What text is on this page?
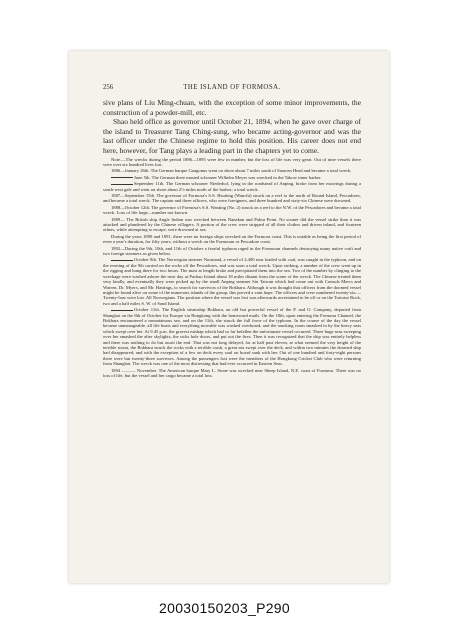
256	THE ISLAND OF FORMOSA.

sive plans of Liu Ming-chuan, with the exception of some minor improvements, the construction of a powder-mill, etc.

Shao held office as governor until October 21, 1894, when he gave over charge of the island to Treasurer Tang Ching-sung, who became acting-governor and was the last officer under the Chinese regime to hold this position. His career does not end here, however, for Tang plays a leading part in the chapters yet to come.

Note.—The wrecks during the period 1886—1895 were few in number, but the loss of life was very great. Out of nine vessels there were over six hundred lives lost.

1886—January 26th. The German barque Guagonus went on shore about 7 miles south of Saracen Head and became a total wreck.

June 5th. The German three masted schooner Wilhelm Meyer was wrecked in the Takow inner harbor.

September 11th. The German schooner Niederhof, lying in the roadstead of Anping, broke from her moorings during a south-west gale and went on shore about 2½ miles north of the harbor; a total wreck.

1887—September 15th. The governor of Formosa's S.S. Hsuiting (Wanchi) struck on a reef to the north of Round Island, Pescadores, and became a total wreck. The captain and three officers, who were foreigners, and three hundred and sixty-six Chinese were drowned.

1888—October 12th. The governor of Formosa's S.S. Wanting (No. 2) struck on a reef to the N.W. of the Pescadores and became a total wreck. Loss of life large—number not known.

1889— The British ship Angle Indian was wrecked between Nanakan and Paksa Point. No sooner did the vessel strike than it was attacked and plundered by the Chinese villagers. A portion of the crew were stripped of all their clothes and driven inland, and fourteen others, while attempting to escape, were drowned at sea.

During the years 1890 and 1891, there were no foreign ships wrecked on the Formosa coast. This is notable as being the first period of even a year's duration, for fifty years, without a wreck on the Formosan or Pescadore coast.

1892—During the 9th, 10th, and 11th of October a fearful typhoon raged in the Formosan channels destroying many native craft and two foreign steamers as given below.

October 9th. The Norwegian steamer Normand, a vessel of 2,400 tons loaded with coal, was caught in the typhoon, and on the evening of the 9th carried on the rocks off the Pescadores, and was soon a total wreck. Upon striking, a number of the crew went up in the rigging and hung there for two hours. The mast at length broke and precipitated them into the sea. Two of the number by clinging to the wreckage were washed ashore the next day at Pachao Island about 18 miles distant from the scene of the wreck. The Chinese treated them very kindly, and eventually they were picked up by the small Anping steamer Sin Taiwan which had come out with Consuls Mercs and Warren, Dr. Myers, and Mr. Hastings, to search for survivors of the Bokhara. Although it was thought that officers from the doomed vessel might be found alive on some of the numerous islands of the group, this proved a vain hope. The officers and crew numbered twenty-six.—Twenty-four were lost. All Norwegians. The position where the vessel was lost was afterwards ascertained to be off or on the Tortoise Rock, two and a half miles S. W. of Sand Island.

October 11th. The English steamship Bokhara, an old but powerful vessel of the P. and O. Company, departed from Shanghai on the 8th of October for Europe via Hongkong with the homeward mails. On the 10th, upon entering the Formosa Channel, the Bokhara encountered a mountainous sea, and on the 11th, she struck the full force of the typhoon. In the course of the day the vessel became unmanageable, all life boats and everything movable was washed overboard, and the smoking room smashed in by the heavy seas which swept over her. At 9.45 p.m. the gravest mishap which had so far befallen the unfortunate vessel occurred. Three huge seas sweeping over her smashed the after skylights, the sicks hole doors, and put out the fires. Then it was recognized that the ship was entirely helpless and there was nothing to do but await the end. That was not long delayed, for at half past eleven, at what seemed the very height of the terrible storm, the Bokhara struck the rocks with a terrible crash, a great sea swept over the deck, and within two minutes the doomed ship had disappeared; and with the exception of a few on deck every soul on board sank with her. Out of one hundred and forty-eight persons there were but twenty-three survivors. Among the passengers lost were the members of the Hongkong Cricket Club who were returning from Shanghai. The wreck was one of the most distressing that had ever occurred in Eastern Seas.

1894 ——— November. The American barque Mary L. Stone was wrecked near Sheep Island, N.E. coast of Formosa. There was no loss of life, but the vessel and her cargo became a total loss.

20030150203_P290
